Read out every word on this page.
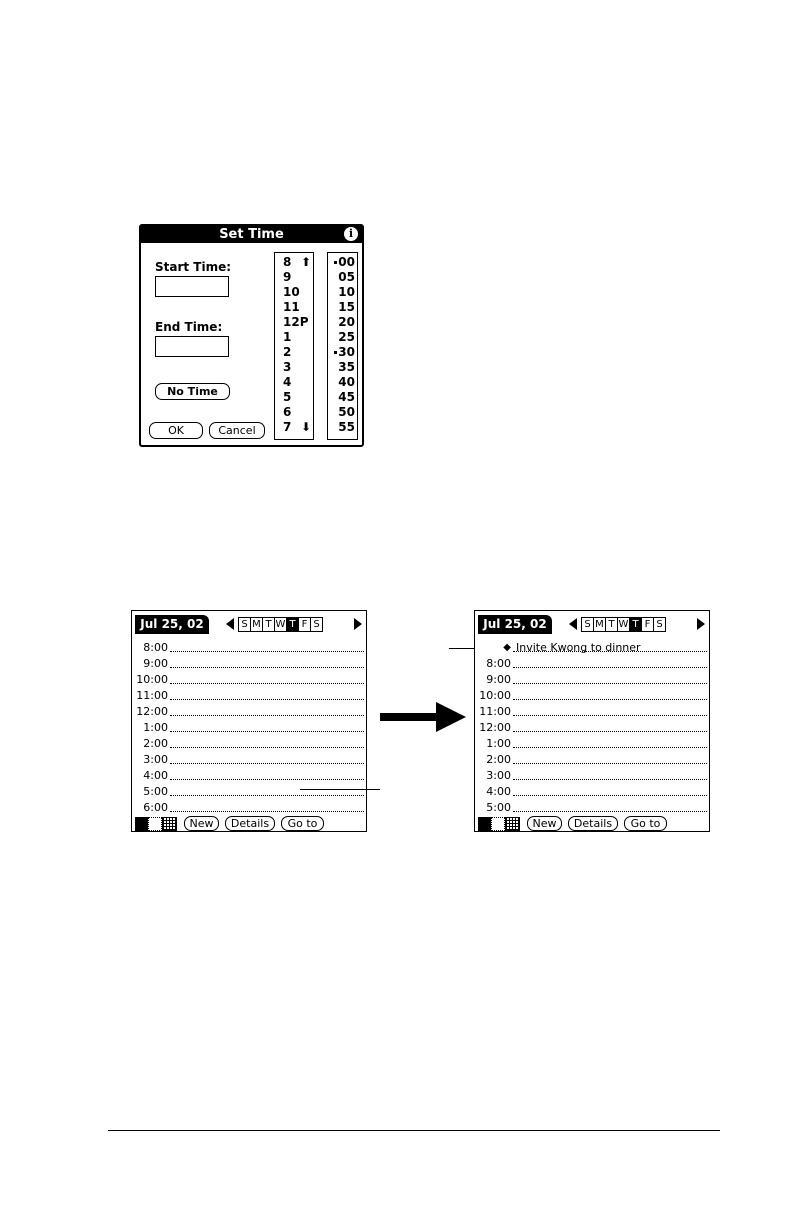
Set Time	i
Start Time:
End Time:
No Time
OK	Cancel
8
9
10
11
12P
1
2
3
4
5
6
7
⬆
⬇
00
05
10
15
20
25
30
35
40
45
50
55
Jul 25, 02	S M T W T F S
8:00
9:00
10:00
11:00
12:00
1:00
2:00
3:00
4:00
5:00
6:00
New	Details	Go to
Jul 25, 02	S M T W T F S
◆ Invite Kwong to dinner
8:00
9:00
10:00
11:00
12:00
1:00
2:00
3:00
4:00
5:00
New	Details	Go to
